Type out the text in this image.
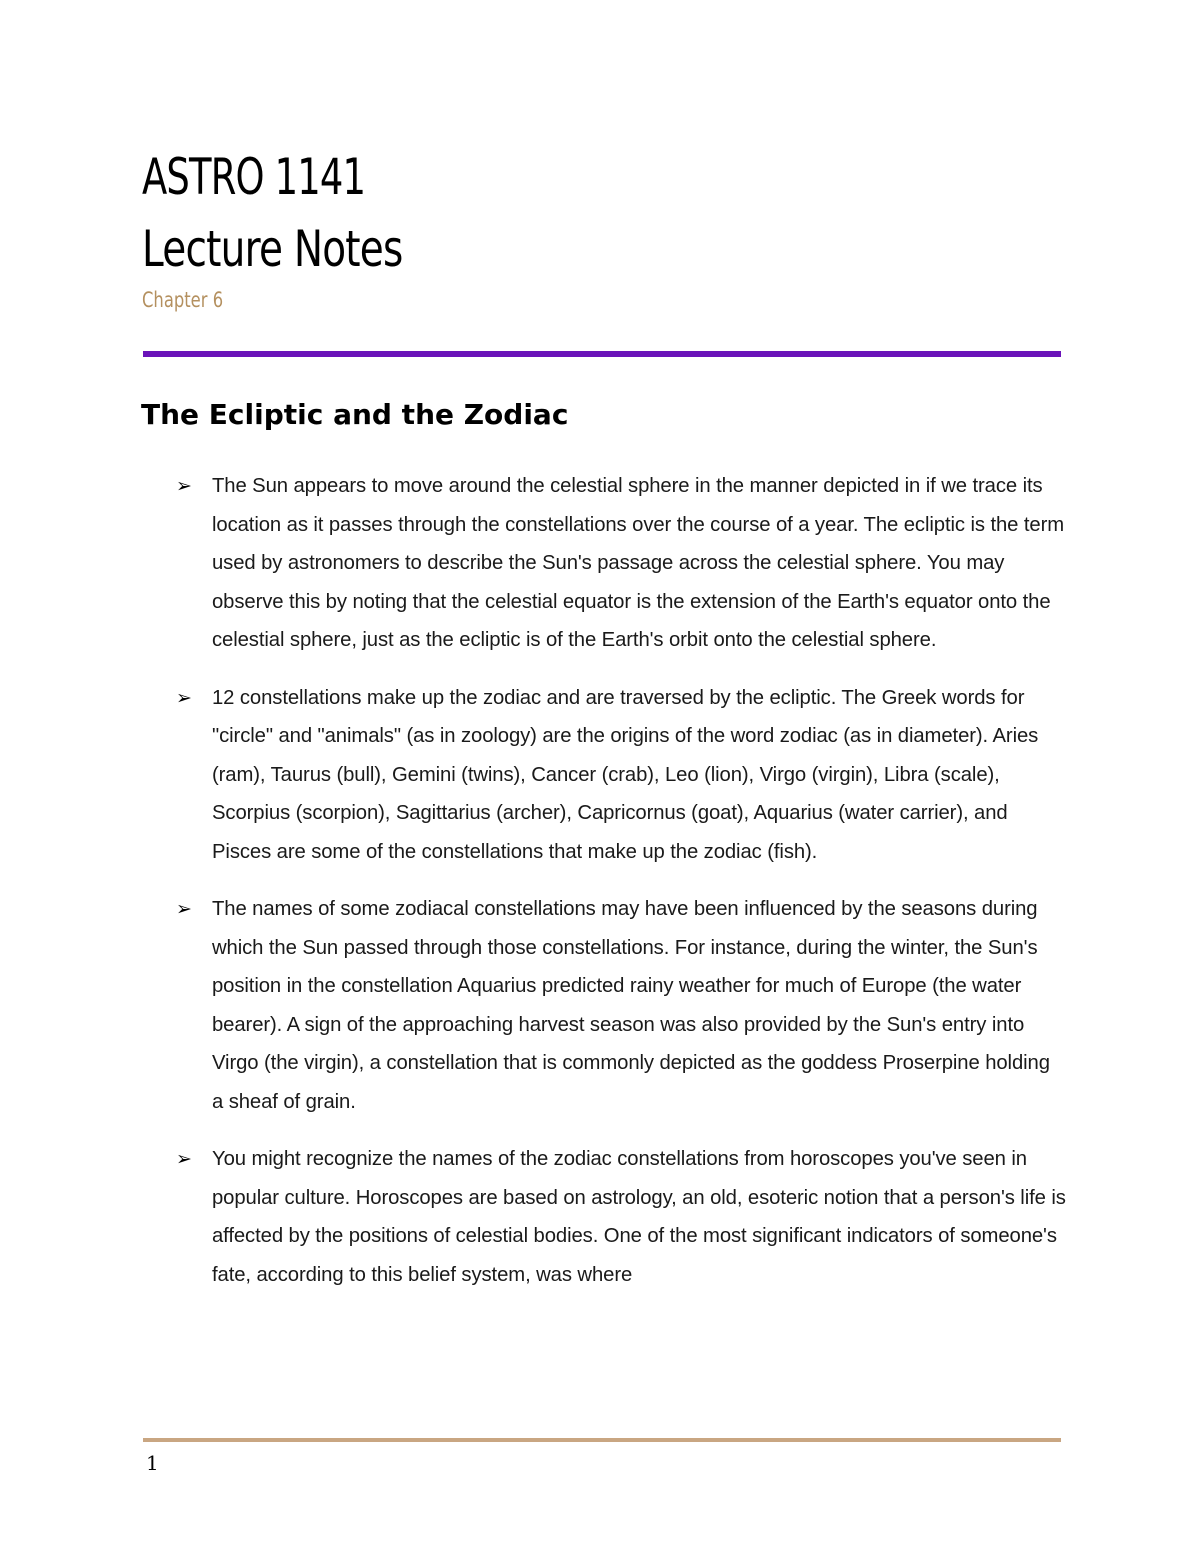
ASTRO 1141
Lecture Notes
Chapter 6
The Ecliptic and the Zodiac
➢ The Sun appears to move around the celestial sphere in the manner depicted in if we trace its location as it passes through the constellations over the course of a year. The ecliptic is the term used by astronomers to describe the Sun's passage across the celestial sphere. You may observe this by noting that the celestial equator is the extension of the Earth's equator onto the celestial sphere, just as the ecliptic is of the Earth's orbit onto the celestial sphere.
➢ 12 constellations make up the zodiac and are traversed by the ecliptic. The Greek words for "circle" and "animals" (as in zoology) are the origins of the word zodiac (as in diameter). Aries (ram), Taurus (bull), Gemini (twins), Cancer (crab), Leo (lion), Virgo (virgin), Libra (scale), Scorpius (scorpion), Sagittarius (archer), Capricornus (goat), Aquarius (water carrier), and Pisces are some of the constellations that make up the zodiac (fish).
➢ The names of some zodiacal constellations may have been influenced by the seasons during which the Sun passed through those constellations. For instance, during the winter, the Sun's position in the constellation Aquarius predicted rainy weather for much of Europe (the water bearer). A sign of the approaching harvest season was also provided by the Sun's entry into Virgo (the virgin), a constellation that is commonly depicted as the goddess Proserpine holding a sheaf of grain.
➢ You might recognize the names of the zodiac constellations from horoscopes you've seen in popular culture. Horoscopes are based on astrology, an old, esoteric notion that a person's life is affected by the positions of celestial bodies. One of the most significant indicators of someone's fate, according to this belief system, was where
1
